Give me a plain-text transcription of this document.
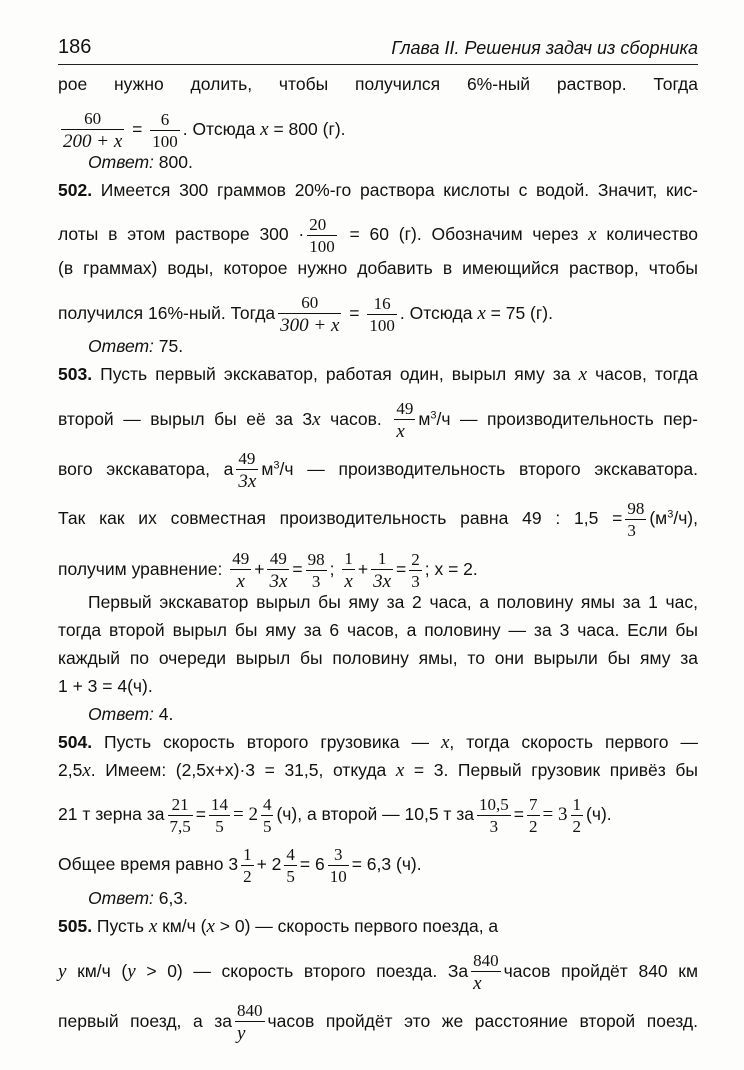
186	Глава II. Решения задач из сборника
рое нужно долить, чтобы получился 6%-ный раствор. Тогда
$\frac{60}{200 + x} = \frac{6}{100}$ . Отсюда x = 800 (г).
Ответ: 800.
502. Имеется 300 граммов 20%-го раствора кислоты с водой. Значит, кис-
лоты в этом растворе $300 \cdot \frac{20}{100} = 60$ (г). Обозначим через x количество
(в граммах) воды, которое нужно добавить в имеющийся раствор, чтобы
получился 16%-ный. Тогда $\frac{60}{300 + x} = \frac{16}{100}$ . Отсюда x = 75 (г).
Ответ: 75.
503. Пусть первый экскаватор, работая один, вырыл яму за x часов, тогда
второй — вырыл бы её за 3x часов. $\frac{49}{x} м^3/ч$ — производительность пер-
вого экскаватора, а $\frac{49}{3x} м^3/ч$ — производительность второго экскаватора.
Так как их совместная производительность равна 49 : $1,5 = \frac{98}{3} (м^3/ч)$,
получим уравнение: $\frac{49}{x} + \frac{49}{3x} = \frac{98}{3}$ ; $\frac{1}{x} + \frac{1}{3x} = \frac{2}{3}$ ; x = 2.
Первый экскаватор вырыл бы яму за 2 часа, а половину ямы за 1 час,
тогда второй вырыл бы яму за 6 часов, а половину — за 3 часа. Если бы
каждый по очереди вырыл бы половину ямы, то они вырыли бы яму за
1 + 3 = 4(ч).
Ответ: 4.
504. Пусть скорость второго грузовика — x, тогда скорость первого —
2,5x. Имеем: (2,5x+x)·3 = 31,5, откуда x = 3. Первый грузовик привёз бы
21 т зерна за $\frac{21}{7,5} = \frac{14}{5} = 2 \frac{4}{5} (ч)$, а второй — 10,5 т за $\frac{10,5}{3} = \frac{7}{2} = 3 \frac{1}{2} (ч)$.
Общее время равно $3 \frac{1}{2} + 2 \frac{4}{5} = 6 \frac{3}{10} = 6,3$ (ч).
Ответ: 6,3.
505. Пусть x км/ч (x > 0) — скорость первого поезда, а
y км/ч (y > 0) — скорость второго поезда. За $\frac{840}{x}$ часов пройдёт 840 км
первый поезд, а за $\frac{840}{y}$ часов пройдёт это же расстояние второй поезд.
